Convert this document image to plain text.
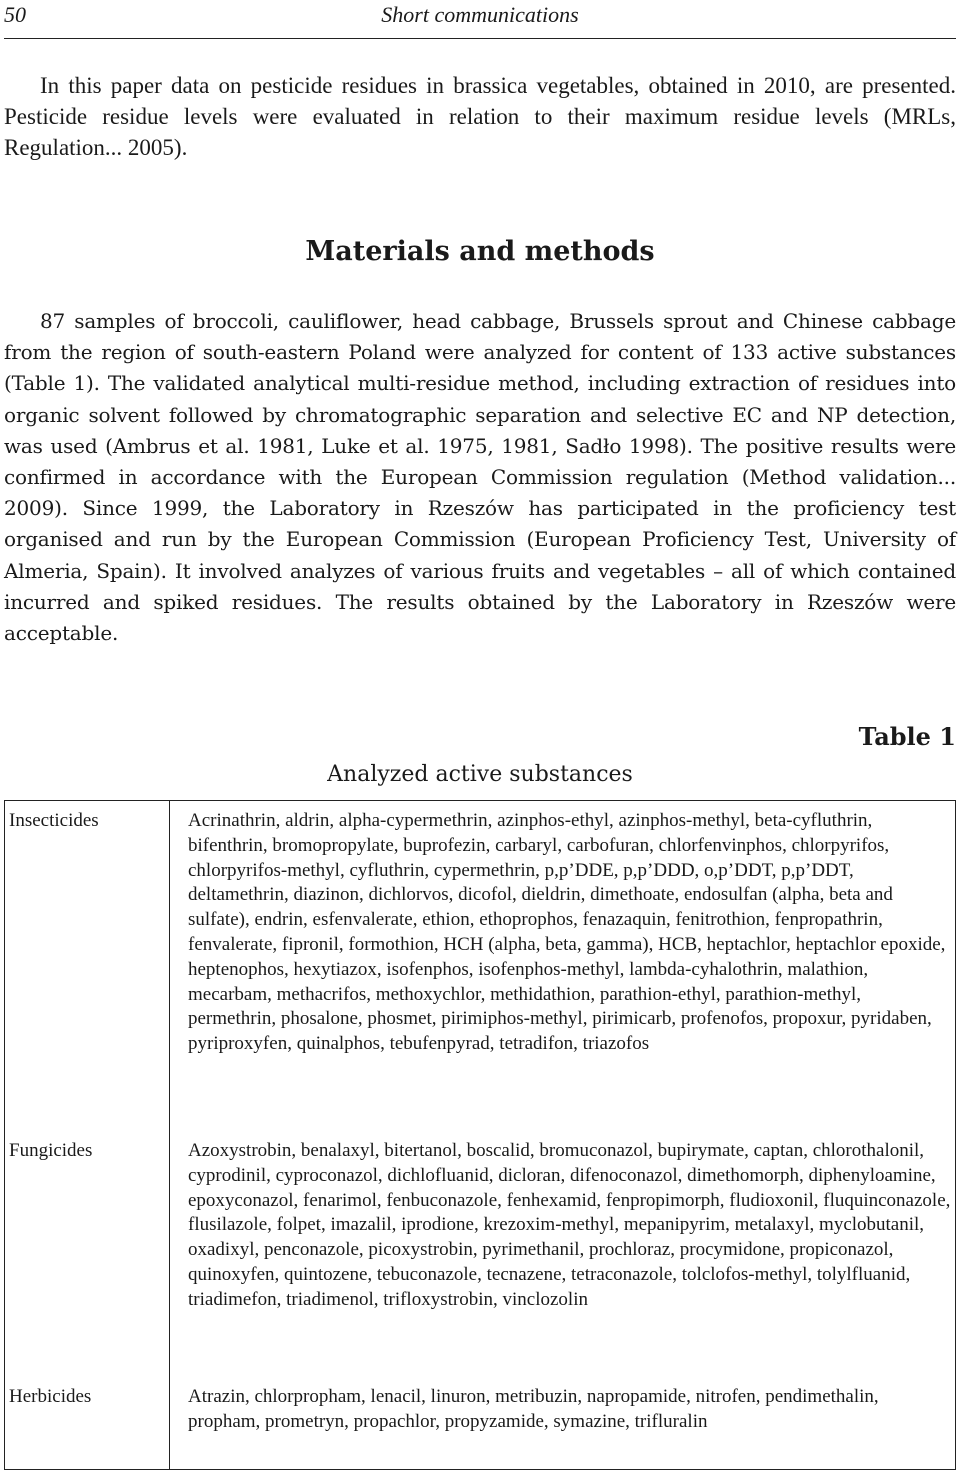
50	Short communications

In this paper data on pesticide residues in brassica vegetables, obtained in 2010, are presented. Pesticide residue levels were evaluated in relation to their maximum residue levels (MRLs, Regulation... 2005).

Materials and methods

87 samples of broccoli, cauliflower, head cabbage, Brussels sprout and Chinese cabbage from the region of south-eastern Poland were analyzed for content of 133 active substances (Table 1). The validated analytical multi-residue method, including extraction of residues into organic solvent followed by chromatographic separation and selective EC and NP detection, was used (Ambrus et al. 1981, Luke et al. 1975, 1981, Sadło 1998). The positive results were confirmed in accordance with the European Commission regulation (Method validation... 2009). Since 1999, the Laboratory in Rzeszów has participated in the proficiency test organised and run by the European Commission (European Proficiency Test, University of Almeria, Spain). It involved analyzes of various fruits and vegetables – all of which contained incurred and spiked residues. The results obtained by the Laboratory in Rzeszów were acceptable.

Table 1
Analyzed active substances
Insecticides	Acrinathrin, aldrin, alpha-cypermethrin, azinphos-ethyl, azinphos-methyl, beta-cyfluthrin, bifenthrin, bromopropylate, buprofezin, carbaryl, carbofuran, chlorfenvinphos, chlorpyrifos, chlorpyrifos-methyl, cyfluthrin, cypermethrin, p,p’DDE, p,p’DDD, o,p’DDT, p,p’DDT, deltamethrin, diazinon, dichlorvos, dicofol, dieldrin, dimethoate, endosulfan (alpha, beta and sulfate), endrin, esfenvalerate, ethion, ethoprophos, fenazaquin, fenitrothion, fenpropathrin, fenvalerate, fipronil, formothion, HCH (alpha, beta, gamma), HCB, heptachlor, heptachlor epoxide, heptenophos, hexytiazox, isofenphos, isofenphos-methyl, lambda-cyhalothrin, malathion, mecarbam, methacrifos, methoxychlor, methidathion, parathion-ethyl, parathion-methyl, permethrin, phosalone, phosmet, pirimiphos-methyl, pirimicarb, profenofos, propoxur, pyridaben, pyriproxyfen, quinalphos, tebufenpyrad, tetradifon, triazofos

Fungicides	Azoxystrobin, benalaxyl, bitertanol, boscalid, bromuconazol, bupirymate, captan, chlorothalonil, cyprodinil, cyproconazol, dichlofluanid, dicloran, difenoconazol, dimethomorph, diphenyloamine, epoxyconazol, fenarimol, fenbuconazole, fenhexamid, fenpropimorph, fludioxonil, fluquinconazole, flusilazole, folpet, imazalil, iprodione, krezoxim-methyl, mepanipyrim, metalaxyl, myclobutanil, oxadixyl, penconazole, picoxystrobin, pyrimethanil, prochloraz, procymidone, propiconazol, quinoxyfen, quintozene, tebuconazole, tecnazene, tetraconazole, tolclofos-methyl, tolylfluanid, triadimefon, triadimenol, trifloxystrobin, vinclozolin

Herbicides	Atrazin, chlorpropham, lenacil, linuron, metribuzin, napropamide, nitrofen, pendimethalin, propham, prometryn, propachlor, propyzamide, symazine, trifluralin
